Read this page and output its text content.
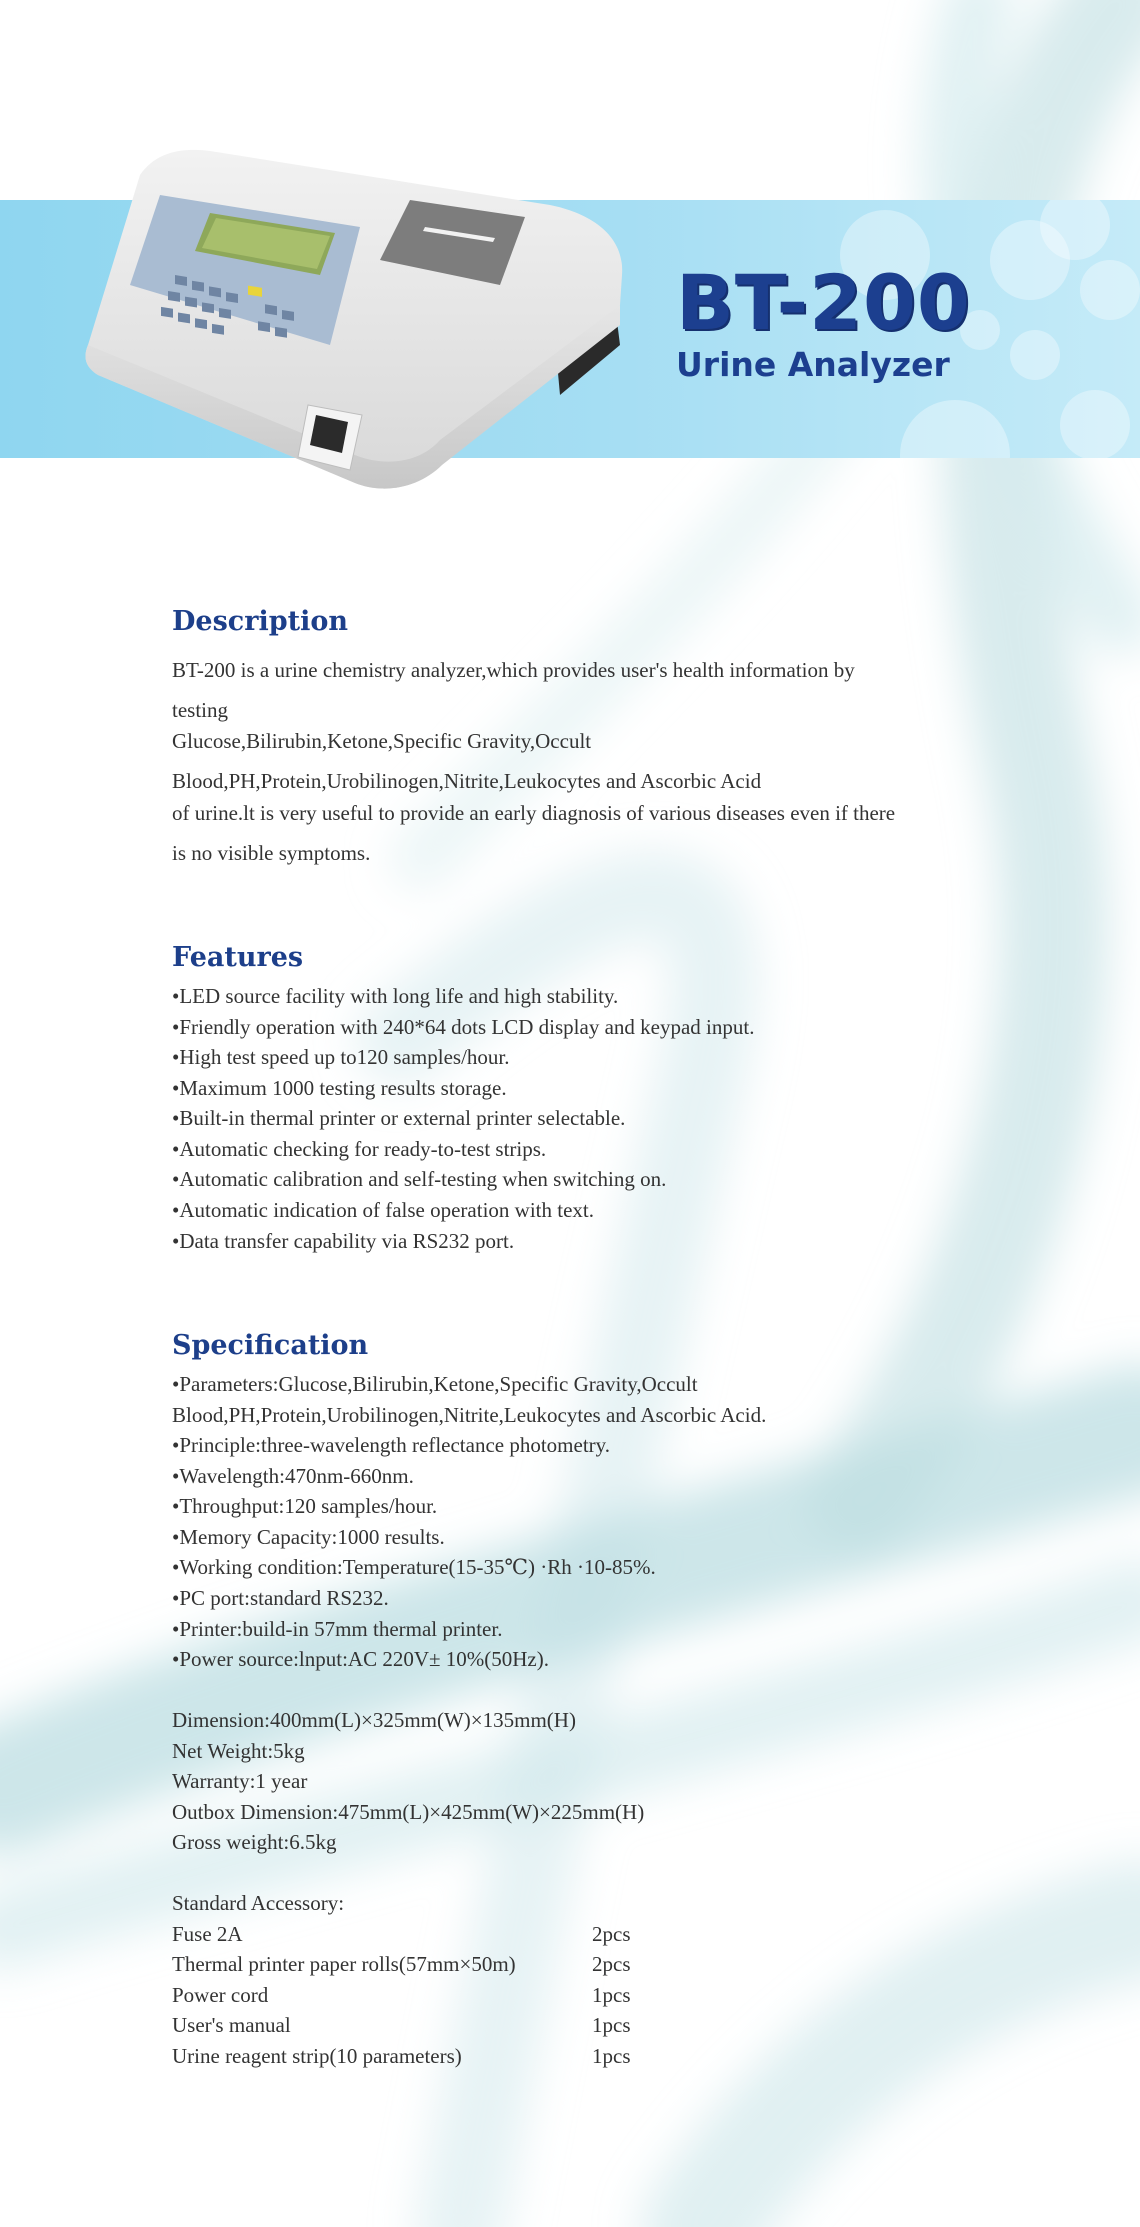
BT-200
Urine Analyzer
Description
BT-200 is a urine chemistry analyzer,which provides user's health information by
testing
Glucose,Bilirubin,Ketone,Specific Gravity,Occult
Blood,PH,Protein,Urobilinogen,Nitrite,Leukocytes and Ascorbic Acid
of urine.lt is very useful to provide an early diagnosis of various diseases even if there
is no visible symptoms.
Features
•LED source facility with long life and high stability.
•Friendly operation with 240*64 dots LCD display and keypad input.
•High test speed up to120 samples/hour.
•Maximum 1000 testing results storage.
•Built-in thermal printer or external printer selectable.
•Automatic checking for ready-to-test strips.
•Automatic calibration and self-testing when switching on.
•Automatic indication of false operation with text.
•Data transfer capability via RS232 port.
Specification
•Parameters:Glucose,Bilirubin,Ketone,Specific Gravity,Occult
Blood,PH,Protein,Urobilinogen,Nitrite,Leukocytes and Ascorbic Acid.
•Principle:three-wavelength reflectance photometry.
•Wavelength:470nm-660nm.
•Throughput:120 samples/hour.
•Memory Capacity:1000 results.
•Working condition:Temperature(15-35℃) ·Rh ·10-85%.
•PC port:standard RS232.
•Printer:build-in 57mm thermal printer.
•Power source:lnput:AC 220V± 10%(50Hz).
Dimension:400mm(L)×325mm(W)×135mm(H)
Net Weight:5kg
Warranty:1 year
Outbox Dimension:475mm(L)×425mm(W)×225mm(H)
Gross weight:6.5kg
Standard Accessory:
Fuse 2A	2pcs
Thermal printer paper rolls(57mm×50m)	2pcs
Power cord	1pcs
User's manual	1pcs
Urine reagent strip(10 parameters)	1pcs
